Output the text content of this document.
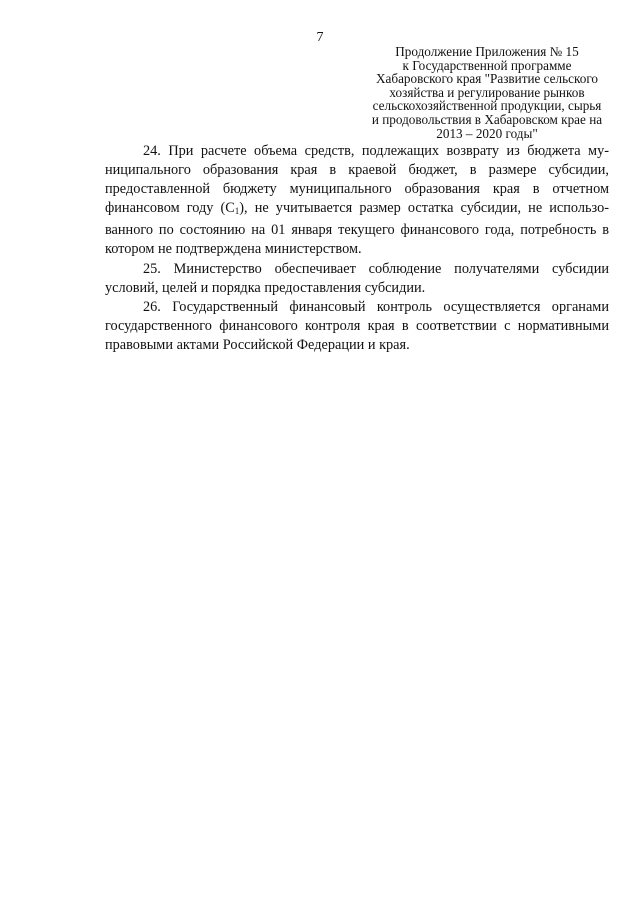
7
Продолжение Приложения № 15
к Государственной программе
Хабаровского края "Развитие сельского
хозяйства и регулирование рынков
сельскохозяйственной продукции, сырья
и продовольствия в Хабаровском крае на
2013 – 2020 годы"

24. При расчете объема средств, подлежащих возврату из бюджета муниципального образования края в краевой бюджет, в размере субсидии, предоставленной бюджету муниципального образования края в отчетном финансовом году $(C_1)$, не учитывается размер остатка субсидии, не использованного по состоянию на 01 января текущего финансового года, потребность в котором не подтверждена министерством.

25. Министерство обеспечивает соблюдение получателями субсидии условий, целей и порядка предоставления субсидии.

26. Государственный финансовый контроль осуществляется органами государственного финансового контроля края в соответствии с нормативными правовыми актами Российской Федерации и края.
